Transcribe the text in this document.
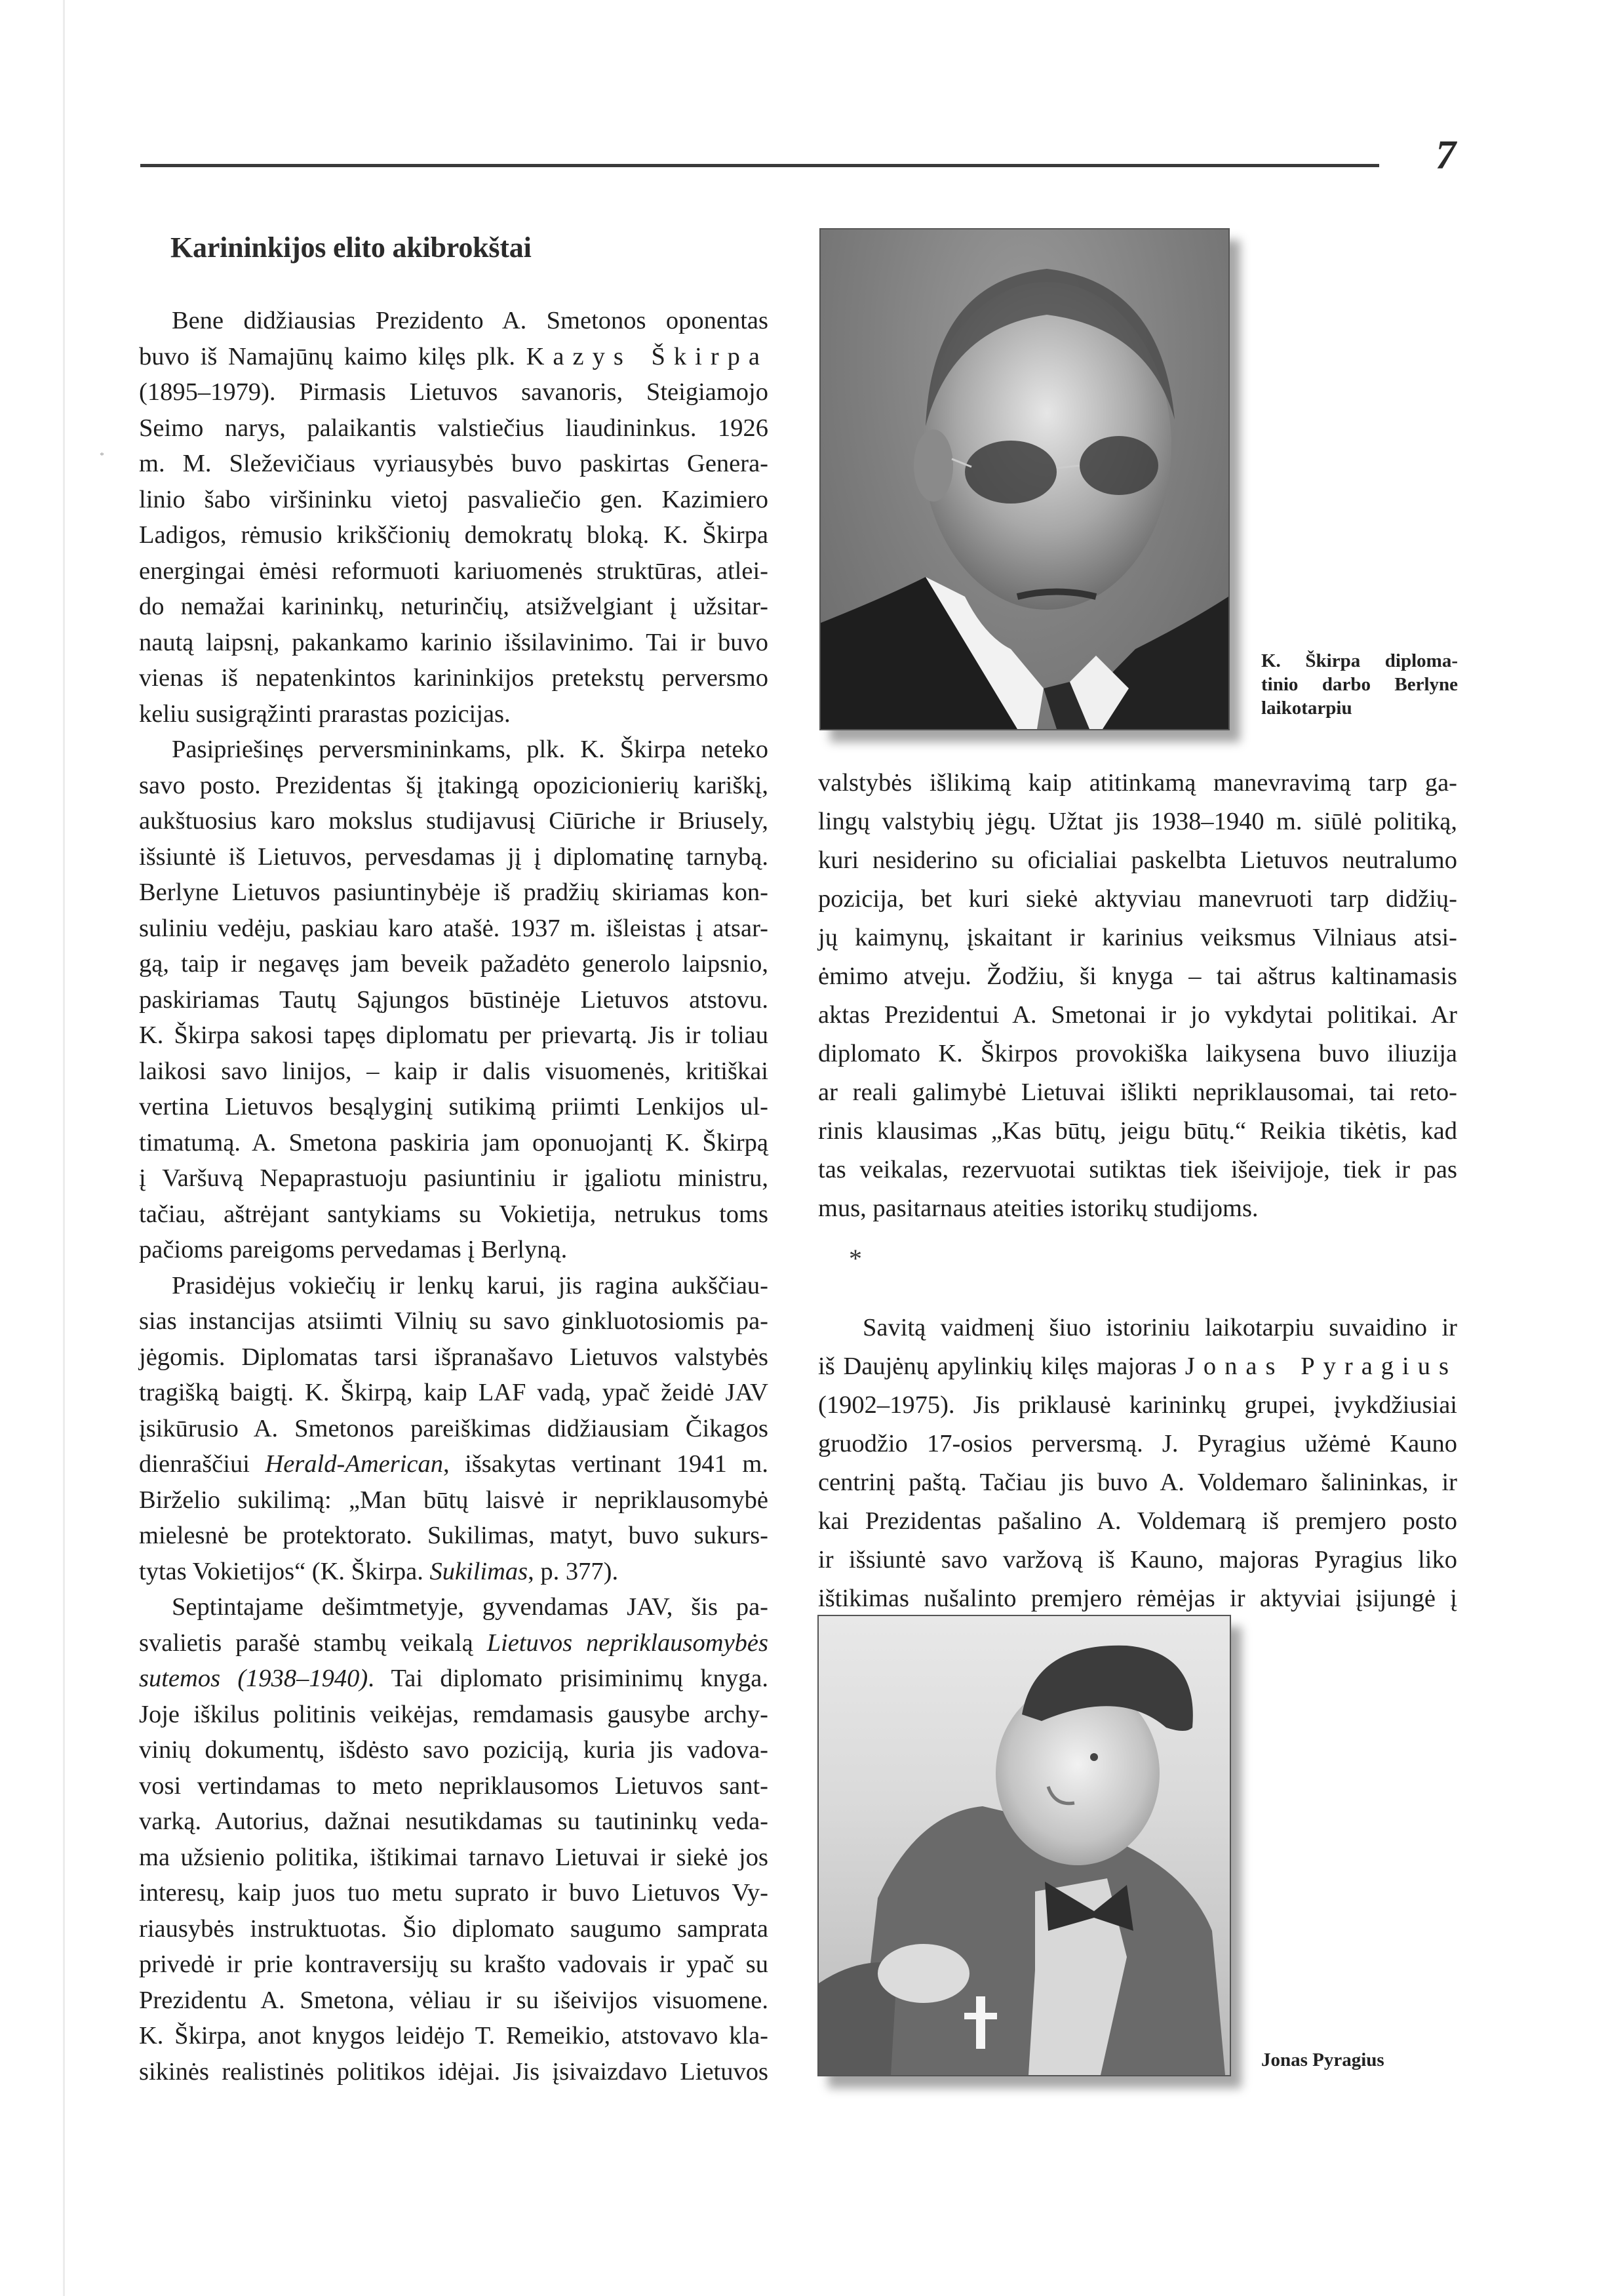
*
7
Karininkijos elito akibrokštai
Bene didžiausias Prezidento A. Smetonos oponentas
buvo iš Namajūnų kaimo kilęs plk. Kazys Škirpa
(1895–1979). Pirmasis Lietuvos savanoris, Steigiamojo
Seimo narys, palaikantis valstiečius liaudininkus. 1926
m. M. Sleževičiaus vyriausybės buvo paskirtas Genera-
linio šabo viršininku vietoj pasvaliečio gen. Kazimiero
Ladigos, rėmusio krikščionių demokratų bloką. K. Škirpa
energingai ėmėsi reformuoti kariuomenės struktūras, atlei-
do nemažai karininkų, neturinčių, atsižvelgiant į užsitar-
nautą laipsnį, pakankamo karinio išsilavinimo. Tai ir buvo
vienas iš nepatenkintos karininkijos pretekstų perversmo
keliu susigrąžinti prarastas pozicijas.
Pasipriešinęs perversmininkams, plk. K. Škirpa neteko
savo posto. Prezidentas šį įtakingą opozicionierių kariškį,
aukštuosius karo mokslus studijavusį Ciūriche ir Briusely,
išsiuntė iš Lietuvos, pervesdamas jį į diplomatinę tarnybą.
Berlyne Lietuvos pasiuntinybėje iš pradžių skiriamas kon-
suliniu vedėju, paskiau karo atašė. 1937 m. išleistas į atsar-
gą, taip ir negavęs jam beveik pažadėto generolo laipsnio,
paskiriamas Tautų Sąjungos būstinėje Lietuvos atstovu.
K. Škirpa sakosi tapęs diplomatu per prievartą. Jis ir toliau
laikosi savo linijos, – kaip ir dalis visuomenės, kritiškai
vertina Lietuvos besąlyginį sutikimą priimti Lenkijos ul-
timatumą. A. Smetona paskiria jam oponuojantį K. Škirpą
į Varšuvą Nepaprastuoju pasiuntiniu ir įgaliotu ministru,
tačiau, aštrėjant santykiams su Vokietija, netrukus toms
pačioms pareigoms pervedamas į Berlyną.
Prasidėjus vokiečių ir lenkų karui, jis ragina aukščiau-
sias instancijas atsiimti Vilnių su savo ginkluotosiomis pa-
jėgomis. Diplomatas tarsi išpranašavo Lietuvos valstybės
tragišką baigtį. K. Škirpą, kaip LAF vadą, ypač žeidė JAV
įsikūrusio A. Smetonos pareiškimas didžiausiam Čikagos
dienraščiui Herald-American, išsakytas vertinant 1941 m.
Birželio sukilimą: „Man būtų laisvė ir nepriklausomybė
mielesnė be protektorato. Sukilimas, matyt, buvo sukurs-
tytas Vokietijos“ (K. Škirpa. Sukilimas, p. 377).
Septintajame dešimtmetyje, gyvendamas JAV, šis pa-
svalietis parašė stambų veikalą Lietuvos nepriklausomybės
sutemos (1938–1940). Tai diplomato prisiminimų knyga.
Joje iškilus politinis veikėjas, remdamasis gausybe archy-
vinių dokumentų, išdėsto savo poziciją, kuria jis vadova-
vosi vertindamas to meto nepriklausomos Lietuvos sant-
varką. Autorius, dažnai nesutikdamas su tautininkų veda-
ma užsienio politika, ištikimai tarnavo Lietuvai ir siekė jos
interesų, kaip juos tuo metu suprato ir buvo Lietuvos Vy-
riausybės instruktuotas. Šio diplomato saugumo samprata
privedė ir prie kontraversijų su krašto vadovais ir ypač su
Prezidentu A. Smetona, vėliau ir su išeivijos visuomene.
K. Škirpa, anot knygos leidėjo T. Remeikio, atstovavo kla-
sikinės realistinės politikos idėjai. Jis įsivaizdavo Lietuvos
K. Škirpa diploma-
tinio darbo Berlyne
laikotarpiu
valstybės išlikimą kaip atitinkamą manevravimą tarp ga-
lingų valstybių jėgų. Užtat jis 1938–1940 m. siūlė politiką,
kuri nesiderino su oficialiai paskelbta Lietuvos neutralumo
pozicija, bet kuri siekė aktyviau manevruoti tarp didžių-
jų kaimynų, įskaitant ir karinius veiksmus Vilniaus atsi-
ėmimo atveju. Žodžiu, ši knyga – tai aštrus kaltinamasis
aktas Prezidentui A. Smetonai ir jo vykdytai politikai. Ar
diplomato K. Škirpos provokiška laikysena buvo iliuzija
ar reali galimybė Lietuvai išlikti nepriklausomai, tai reto-
rinis klausimas „Kas būtų, jeigu būtų.“ Reikia tikėtis, kad
tas veikalas, rezervuotai sutiktas tiek išeivijoje, tiek ir pas
mus, pasitarnaus ateities istorikų studijoms.
*
Savitą vaidmenį šiuo istoriniu laikotarpiu suvaidino ir
iš Daujėnų apylinkių kilęs majoras Jonas Pyragius
(1902–1975). Jis priklausė karininkų grupei, įvykdžiusiai
gruodžio 17-osios perversmą. J. Pyragius užėmė Kauno
centrinį paštą. Tačiau jis buvo A. Voldemaro šalininkas, ir
kai Prezidentas pašalino A. Voldemarą iš premjero posto
ir išsiuntė savo varžovą iš Kauno, majoras Pyragius liko
ištikimas nušalinto premjero rėmėjas ir aktyviai įsijungė į
Jonas Pyragius
